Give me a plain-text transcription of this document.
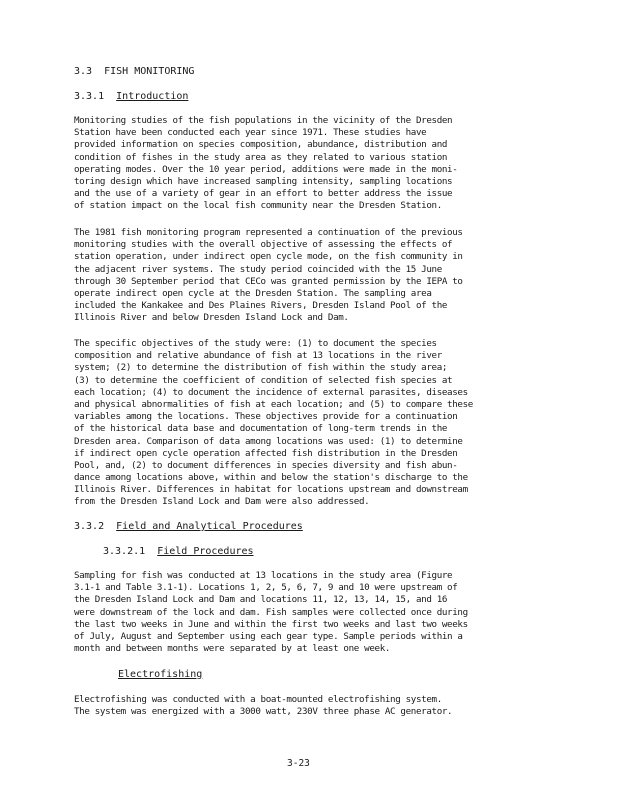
3.3 FISH MONITORING
3.3.1 Introduction
Monitoring studies of the fish populations in the vicinity of the Dresden
Station have been conducted each year since 1971. These studies have
provided information on species composition, abundance, distribution and
condition of fishes in the study area as they related to various station
operating modes. Over the 10 year period, additions were made in the moni-
toring design which have increased sampling intensity, sampling locations
and the use of a variety of gear in an effort to better address the issue
of station impact on the local fish community near the Dresden Station.
The 1981 fish monitoring program represented a continuation of the previous
monitoring studies with the overall objective of assessing the effects of
station operation, under indirect open cycle mode, on the fish community in
the adjacent river systems. The study period coincided with the 15 June
through 30 September period that CECo was granted permission by the IEPA to
operate indirect open cycle at the Dresden Station. The sampling area
included the Kankakee and Des Plaines Rivers, Dresden Island Pool of the
Illinois River and below Dresden Island Lock and Dam.
The specific objectives of the study were: (1) to document the species
composition and relative abundance of fish at 13 locations in the river
system; (2) to determine the distribution of fish within the study area;
(3) to determine the coefficient of condition of selected fish species at
each location; (4) to document the incidence of external parasites, diseases
and physical abnormalities of fish at each location; and (5) to compare these
variables among the locations. These objectives provide for a continuation
of the historical data base and documentation of long-term trends in the
Dresden area. Comparison of data among locations was used: (1) to determine
if indirect open cycle operation affected fish distribution in the Dresden
Pool, and, (2) to document differences in species diversity and fish abun-
dance among locations above, within and below the station's discharge to the
Illinois River. Differences in habitat for locations upstream and downstream
from the Dresden Island Lock and Dam were also addressed.
3.3.2 Field and Analytical Procedures
3.3.2.1 Field Procedures
Sampling for fish was conducted at 13 locations in the study area (Figure
3.1-1 and Table 3.1-1). Locations 1, 2, 5, 6, 7, 9 and 10 were upstream of
the Dresden Island Lock and Dam and locations 11, 12, 13, 14, 15, and 16
were downstream of the lock and dam. Fish samples were collected once during
the last two weeks in June and within the first two weeks and last two weeks
of July, August and September using each gear type. Sample periods within a
month and between months were separated by at least one week.
Electrofishing
Electrofishing was conducted with a boat-mounted electrofishing system.
The system was energized with a 3000 watt, 230V three phase AC generator.
3-23
